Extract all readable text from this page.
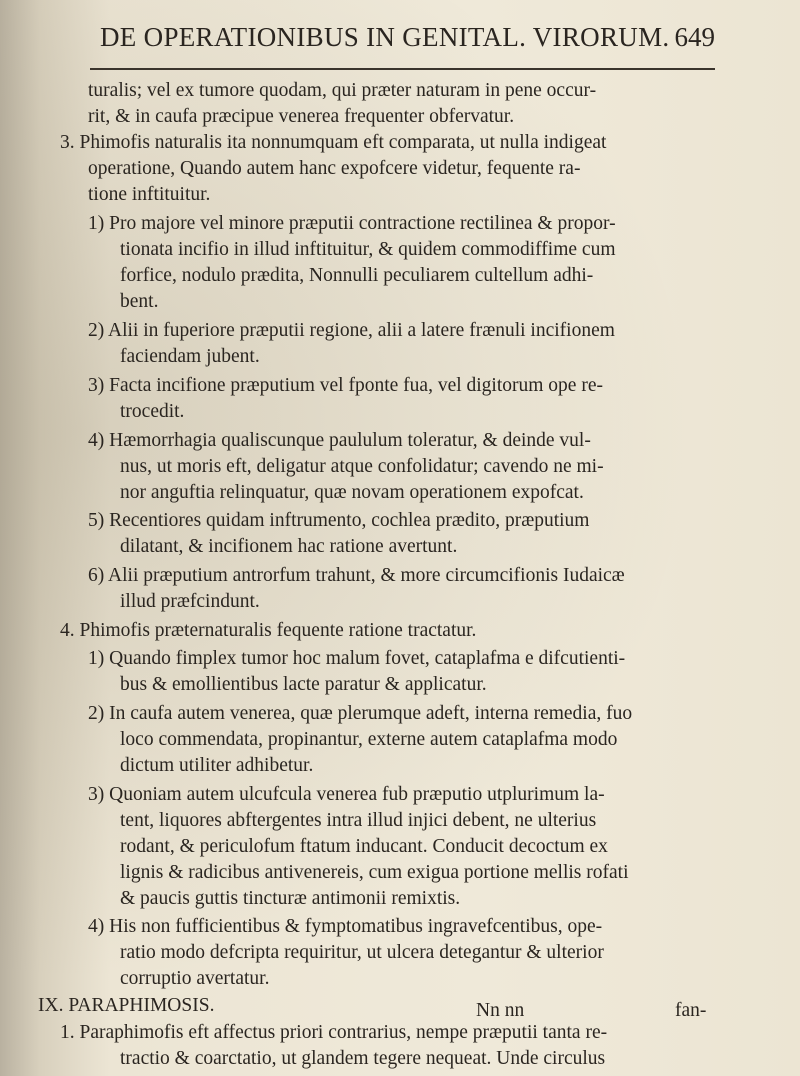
DE OPERATIONIBUS IN GENITAL. VIRORUM. 649
turalis; vel ex tumore quodam, qui præter naturam in pene occur-
rit, & in caufa præcipue venerea frequenter obfervatur.
3. Phimofis naturalis ita nonnumquam eft comparata, ut nulla indigeat
operatione, Quando autem hanc expofcere videtur, fequente ra-
tione inftituitur.
1) Pro majore vel minore præputii contractione rectilinea & propor-
tionata incifio in illud inftituitur, & quidem commodiffime cum
forfice, nodulo prædita, Nonnulli peculiarem cultellum adhi-
bent.
2) Alii in fuperiore præputii regione, alii a latere frænuli incifionem
faciendam jubent.
3) Facta incifione præputium vel fponte fua, vel digitorum ope re-
trocedit.
4) Hæmorrhagia qualiscunque paululum toleratur, & deinde vul-
nus, ut moris eft, deligatur atque confolidatur; cavendo ne mi-
nor anguftia relinquatur, quæ novam operationem expofcat.
5) Recentiores quidam inftrumento, cochlea prædito, præputium
dilatant, & incifionem hac ratione avertunt.
6) Alii præputium antrorfum trahunt, & more circumcifionis Iudaicæ
illud præfcindunt.
4. Phimofis præternaturalis fequente ratione tractatur.
1) Quando fimplex tumor hoc malum fovet, cataplafma e difcutienti-
bus & emollientibus lacte paratur & applicatur.
2) In caufa autem venerea, quæ plerumque adeft, interna remedia, fuo
loco commendata, propinantur, externe autem cataplafma modo
dictum utiliter adhibetur.
3) Quoniam autem ulcufcula venerea fub præputio utplurimum la-
tent, liquores abftergentes intra illud injici debent, ne ulterius
rodant, & periculofum ftatum inducant. Conducit decoctum ex
lignis & radicibus antivenereis, cum exigua portione mellis rofati
& paucis guttis tincturæ antimonii remixtis.
4) His non fufficientibus & fymptomatibus ingravefcentibus, ope-
ratio modo defcripta requiritur, ut ulcera detegantur & ulterior
corruptio avertatur.
IX. PARAPHIMOSIS.
1. Paraphimofis eft affectus priori contrarius, nempe præputii tanta re-
tractio & coarctatio, ut glandem tegere nequeat. Unde circulus
Nn nn	fan-
